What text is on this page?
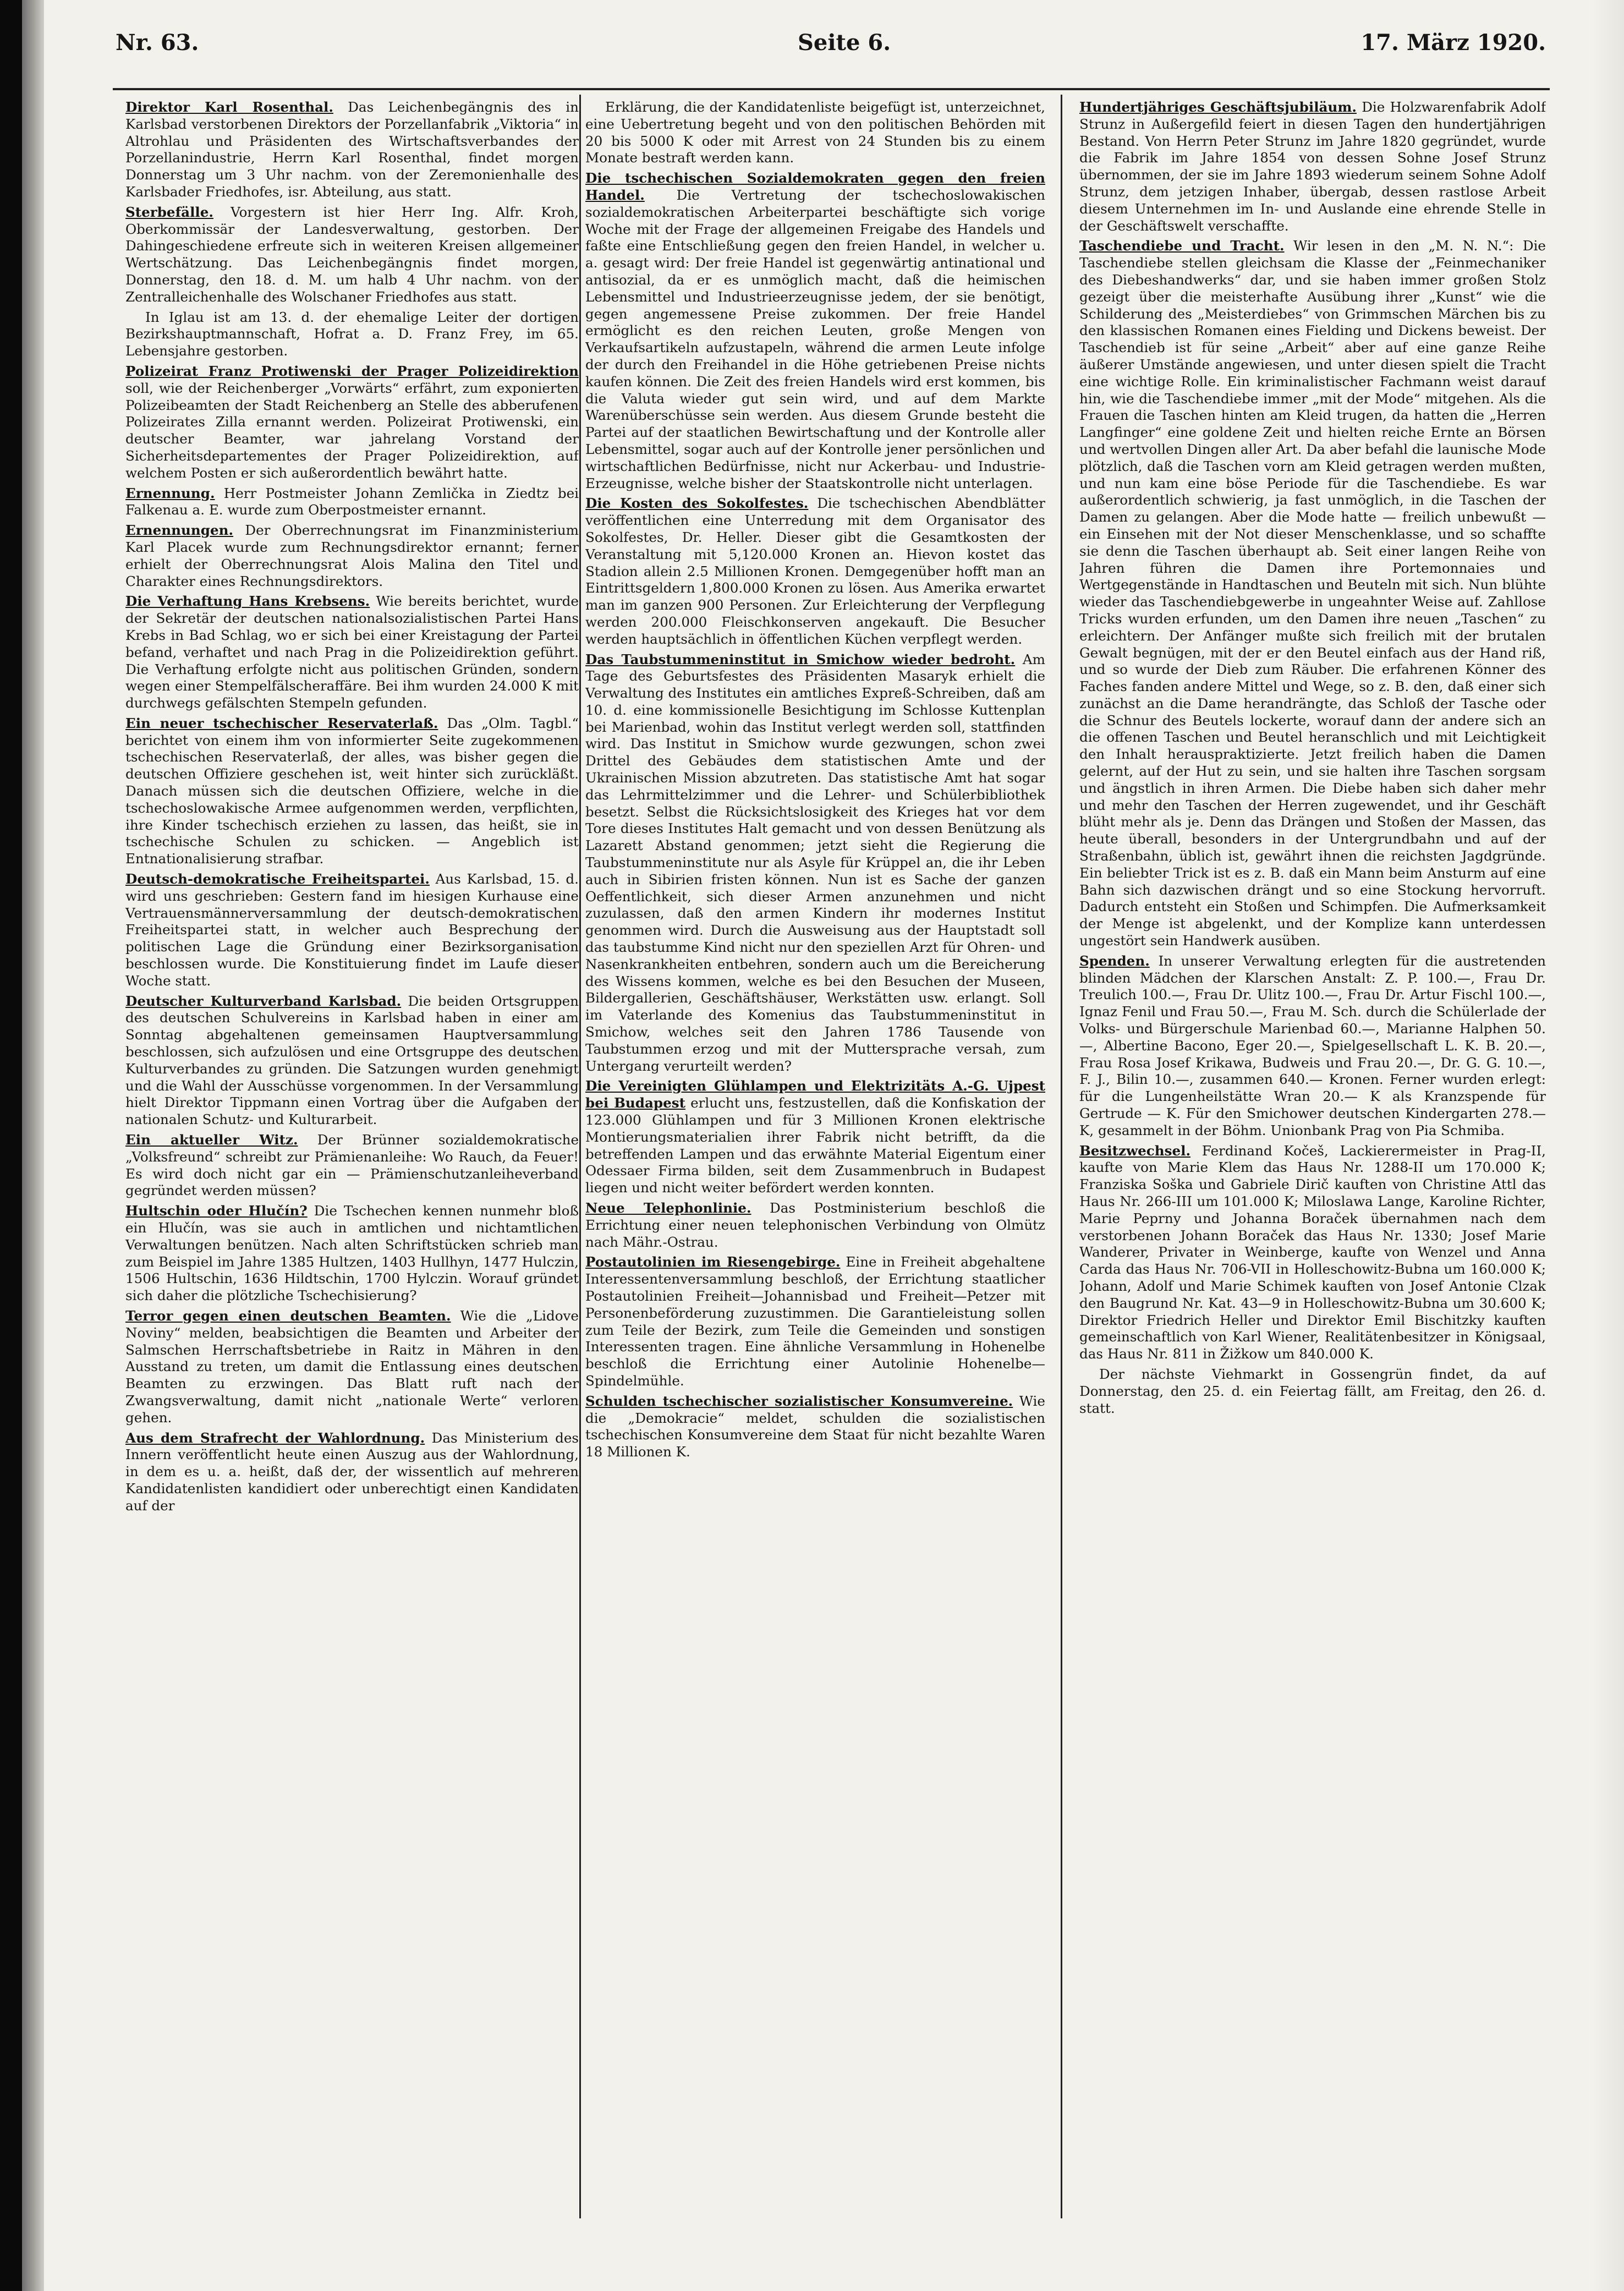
Nr. 63.	Seite 6.	17. März 1920.

Direktor Karl Rosenthal. Das Leichenbegängnis des in Karlsbad verstorbenen Direktors der Porzellanfabrik „Viktoria“ in Altrohlau und Präsidenten des Wirtschaftsverbandes der Porzellanindustrie, Herrn Karl Rosenthal, findet morgen Donnerstag um 3 Uhr nachm. von der Zeremonienhalle des Karlsbader Friedhofes, isr. Abteilung, aus statt.

Sterbefälle. Vorgestern ist hier Herr Ing. Alfr. Kroh, Oberkommissär der Landesverwaltung, gestorben. Der Dahingeschiedene erfreute sich in weiteren Kreisen allgemeiner Wertschätzung. Das Leichenbegängnis findet morgen, Donnerstag, den 18. d. M. um halb 4 Uhr nachm. von der Zentralleichenhalle des Wolschaner Friedhofes aus statt.

In Iglau ist am 13. d. der ehemalige Leiter der dortigen Bezirkshauptmannschaft, Hofrat a. D. Franz Frey, im 65. Lebensjahre gestorben.

Polizeirat Franz Protiwenski der Prager Polizeidirektion soll, wie der Reichenberger „Vorwärts“ erfährt, zum exponierten Polizeibeamten der Stadt Reichenberg an Stelle des abberufenen Polizeirates Zilla ernannt werden. Polizeirat Protiwenski, ein deutscher Beamter, war jahrelang Vorstand der Sicherheitsdepartementes der Prager Polizeidirektion, auf welchem Posten er sich außerordentlich bewährt hatte.

Ernennung. Herr Postmeister Johann Zemlička in Ziedtz bei Falkenau a. E. wurde zum Oberpostmeister ernannt.

Ernennungen. Der Oberrechnungsrat im Finanzministerium Karl Placek wurde zum Rechnungsdirektor ernannt; ferner erhielt der Oberrechnungsrat Alois Malina den Titel und Charakter eines Rechnungsdirektors.

Die Verhaftung Hans Krebsens. Wie bereits berichtet, wurde der Sekretär der deutschen nationalsozialistischen Partei Hans Krebs in Bad Schlag, wo er sich bei einer Kreistagung der Partei befand, verhaftet und nach Prag in die Polizeidirektion geführt. Die Verhaftung erfolgte nicht aus politischen Gründen, sondern wegen einer Stempelfälscheraffäre. Bei ihm wurden 24.000 K mit durchwegs gefälschten Stempeln gefunden.

Ein neuer tschechischer Reservaterlaß. Das „Olm. Tagbl.“ berichtet von einem ihm von informierter Seite zugekommenen tschechischen Reservaterlaß, der alles, was bisher gegen die deutschen Offiziere geschehen ist, weit hinter sich zurückläßt. Danach müssen sich die deutschen Offiziere, welche in die tschechoslowakische Armee aufgenommen werden, verpflichten, ihre Kinder tschechisch erziehen zu lassen, das heißt, sie in tschechische Schulen zu schicken. — Angeblich ist Entnationalisierung strafbar.

Deutsch-demokratische Freiheitspartei. Aus Karlsbad, 15. d. wird uns geschrieben: Gestern fand im hiesigen Kurhause eine Vertrauensmännerversammlung der deutsch-demokratischen Freiheitspartei statt, in welcher auch Besprechung der politischen Lage die Gründung einer Bezirksorganisation beschlossen wurde. Die Konstituierung findet im Laufe dieser Woche statt.

Deutscher Kulturverband Karlsbad. Die beiden Ortsgruppen des deutschen Schulvereins in Karlsbad haben in einer am Sonntag abgehaltenen gemeinsamen Hauptversammlung beschlossen, sich aufzulösen und eine Ortsgruppe des deutschen Kulturverbandes zu gründen. Die Satzungen wurden genehmigt und die Wahl der Ausschüsse vorgenommen. In der Versammlung hielt Direktor Tippmann einen Vortrag über die Aufgaben der nationalen Schutz- und Kulturarbeit.

Ein aktueller Witz. Der Brünner sozialdemokratische „Volksfreund“ schreibt zur Prämienanleihe: Wo Rauch, da Feuer! Es wird doch nicht gar ein — Prämienschutzanleiheverband gegründet werden müssen?

Hultschin oder Hlučín? Die Tschechen kennen nunmehr bloß ein Hlučín, was sie auch in amtlichen und nichtamtlichen Verwaltungen benützen. Nach alten Schriftstücken schrieb man zum Beispiel im Jahre 1385 Hultzen, 1403 Hullhyn, 1477 Hulczin, 1506 Hultschin, 1636 Hildtschin, 1700 Hylczin. Worauf gründet sich daher die plötzliche Tschechisierung?

Terror gegen einen deutschen Beamten. Wie die „Lidove Noviny“ melden, beabsichtigen die Beamten und Arbeiter der Salmschen Herrschaftsbetriebe in Raitz in Mähren in den Ausstand zu treten, um damit die Entlassung eines deutschen Beamten zu erzwingen. Das Blatt ruft nach der Zwangsverwaltung, damit nicht „nationale Werte“ verloren gehen.

Aus dem Strafrecht der Wahlordnung. Das Ministerium des Innern veröffentlicht heute einen Auszug aus der Wahlordnung, in dem es u. a. heißt, daß der, der wissentlich auf mehreren Kandidatenlisten kandidiert oder unberechtigt einen Kandidaten auf der

Erklärung, die der Kandidatenliste beigefügt ist, unterzeichnet, eine Uebertretung begeht und von den politischen Behörden mit 20 bis 5000 K oder mit Arrest von 24 Stunden bis zu einem Monate bestraft werden kann.

Die tschechischen Sozialdemokraten gegen den freien Handel. Die Vertretung der tschechoslowakischen sozialdemokratischen Arbeiterpartei beschäftigte sich vorige Woche mit der Frage der allgemeinen Freigabe des Handels und faßte eine Entschließung gegen den freien Handel, in welcher u. a. gesagt wird: Der freie Handel ist gegenwärtig antinational und antisozial, da er es unmöglich macht, daß die heimischen Lebensmittel und Industrieerzeugnisse jedem, der sie benötigt, gegen angemessene Preise zukommen. Der freie Handel ermöglicht es den reichen Leuten, große Mengen von Verkaufsartikeln aufzustapeln, während die armen Leute infolge der durch den Freihandel in die Höhe getriebenen Preise nichts kaufen können. Die Zeit des freien Handels wird erst kommen, bis die Valuta wieder gut sein wird, und auf dem Markte Warenüberschüsse sein werden. Aus diesem Grunde besteht die Partei auf der staatlichen Bewirtschaftung und der Kontrolle aller Lebensmittel, sogar auch auf der Kontrolle jener persönlichen und wirtschaftlichen Bedürfnisse, nicht nur Ackerbau- und Industrie-Erzeugnisse, welche bisher der Staatskontrolle nicht unterlagen.

Die Kosten des Sokolfestes. Die tschechischen Abendblätter veröffentlichen eine Unterredung mit dem Organisator des Sokolfestes, Dr. Heller. Dieser gibt die Gesamtkosten der Veranstaltung mit 5,120.000 Kronen an. Hievon kostet das Stadion allein 2.5 Millionen Kronen. Demgegenüber hofft man an Eintrittsgeldern 1,800.000 Kronen zu lösen. Aus Amerika erwartet man im ganzen 900 Personen. Zur Erleichterung der Verpflegung werden 200.000 Fleischkonserven angekauft. Die Besucher werden hauptsächlich in öffentlichen Küchen verpflegt werden.

Das Taubstummeninstitut in Smichow wieder bedroht. Am Tage des Geburtsfestes des Präsidenten Masaryk erhielt die Verwaltung des Institutes ein amtliches Expreß-Schreiben, daß am 10. d. eine kommissionelle Besichtigung im Schlosse Kuttenplan bei Marienbad, wohin das Institut verlegt werden soll, stattfinden wird. Das Institut in Smichow wurde gezwungen, schon zwei Drittel des Gebäudes dem statistischen Amte und der Ukrainischen Mission abzutreten. Das statistische Amt hat sogar das Lehrmittelzimmer und die Lehrer- und Schülerbibliothek besetzt. Selbst die Rücksichtslosigkeit des Krieges hat vor dem Tore dieses Institutes Halt gemacht und von dessen Benützung als Lazarett Abstand genommen; jetzt sieht die Regierung die Taubstummeninstitute nur als Asyle für Krüppel an, die ihr Leben auch in Sibirien fristen können. Nun ist es Sache der ganzen Oeffentlichkeit, sich dieser Armen anzunehmen und nicht zuzulassen, daß den armen Kindern ihr modernes Institut genommen wird. Durch die Ausweisung aus der Hauptstadt soll das taubstumme Kind nicht nur den speziellen Arzt für Ohren- und Nasenkrankheiten entbehren, sondern auch um die Bereicherung des Wissens kommen, welche es bei den Besuchen der Museen, Bildergallerien, Geschäftshäuser, Werkstätten usw. erlangt. Soll im Vaterlande des Komenius das Taubstummeninstitut in Smichow, welches seit den Jahren 1786 Tausende von Taubstummen erzog und mit der Muttersprache versah, zum Untergang verurteilt werden?

Die Vereinigten Glühlampen und Elektrizitäts A.-G. Ujpest bei Budapest erlucht uns, festzustellen, daß die Konfiskation der 123.000 Glühlampen und für 3 Millionen Kronen elektrische Montierungsmaterialien ihrer Fabrik nicht betrifft, da die betreffenden Lampen und das erwähnte Material Eigentum einer Odessaer Firma bilden, seit dem Zusammenbruch in Budapest liegen und nicht weiter befördert werden konnten.

Neue Telephonlinie. Das Postministerium beschloß die Errichtung einer neuen telephonischen Verbindung von Olmütz nach Mähr.-Ostrau.

Postautolinien im Riesengebirge. Eine in Freiheit abgehaltene Interessentenversammlung beschloß, der Errichtung staatlicher Postautolinien Freiheit—Johannisbad und Freiheit—Petzer mit Personenbeförderung zuzustimmen. Die Garantieleistung sollen zum Teile der Bezirk, zum Teile die Gemeinden und sonstigen Interessenten tragen. Eine ähnliche Versammlung in Hohenelbe beschloß die Errichtung einer Autolinie Hohenelbe—Spindelmühle.

Schulden tschechischer sozialistischer Konsumvereine. Wie die „Demokracie“ meldet, schulden die sozialistischen tschechischen Konsumvereine dem Staat für nicht bezahlte Waren 18 Millionen K.

Hundertjähriges Geschäftsjubiläum. Die Holzwarenfabrik Adolf Strunz in Außergefild feiert in diesen Tagen den hundertjährigen Bestand. Von Herrn Peter Strunz im Jahre 1820 gegründet, wurde die Fabrik im Jahre 1854 von dessen Sohne Josef Strunz übernommen, der sie im Jahre 1893 wiederum seinem Sohne Adolf Strunz, dem jetzigen Inhaber, übergab, dessen rastlose Arbeit diesem Unternehmen im In- und Auslande eine ehrende Stelle in der Geschäftswelt verschaffte.

Taschendiebe und Tracht. Wir lesen in den „M. N. N.“: Die Taschendiebe stellen gleichsam die Klasse der „Feinmechaniker des Diebeshandwerks“ dar, und sie haben immer großen Stolz gezeigt über die meisterhafte Ausübung ihrer „Kunst“ wie die Schilderung des „Meisterdiebes“ von Grimmschen Märchen bis zu den klassischen Romanen eines Fielding und Dickens beweist. Der Taschendieb ist für seine „Arbeit“ aber auf eine ganze Reihe äußerer Umstände angewiesen, und unter diesen spielt die Tracht eine wichtige Rolle. Ein kriminalistischer Fachmann weist darauf hin, wie die Taschendiebe immer „mit der Mode“ mitgehen. Als die Frauen die Taschen hinten am Kleid trugen, da hatten die „Herren Langfinger“ eine goldene Zeit und hielten reiche Ernte an Börsen und wertvollen Dingen aller Art. Da aber befahl die launische Mode plötzlich, daß die Taschen vorn am Kleid getragen werden mußten, und nun kam eine böse Periode für die Taschendiebe. Es war außerordentlich schwierig, ja fast unmöglich, in die Taschen der Damen zu gelangen. Aber die Mode hatte — freilich unbewußt — ein Einsehen mit der Not dieser Menschenklasse, und so schaffte sie denn die Taschen überhaupt ab. Seit einer langen Reihe von Jahren führen die Damen ihre Portemonnaies und Wertgegenstände in Handtaschen und Beuteln mit sich. Nun blühte wieder das Taschendiebgewerbe in ungeahnter Weise auf. Zahllose Tricks wurden erfunden, um den Damen ihre neuen „Taschen“ zu erleichtern. Der Anfänger mußte sich freilich mit der brutalen Gewalt begnügen, mit der er den Beutel einfach aus der Hand riß, und so wurde der Dieb zum Räuber. Die erfahrenen Könner des Faches fanden andere Mittel und Wege, so z. B. den, daß einer sich zunächst an die Dame herandrängte, das Schloß der Tasche oder die Schnur des Beutels lockerte, worauf dann der andere sich an die offenen Taschen und Beutel heranschlich und mit Leichtigkeit den Inhalt herauspraktizierte. Jetzt freilich haben die Damen gelernt, auf der Hut zu sein, und sie halten ihre Taschen sorgsam und ängstlich in ihren Armen. Die Diebe haben sich daher mehr und mehr den Taschen der Herren zugewendet, und ihr Geschäft blüht mehr als je. Denn das Drängen und Stoßen der Massen, das heute überall, besonders in der Untergrundbahn und auf der Straßenbahn, üblich ist, gewährt ihnen die reichsten Jagdgründe. Ein beliebter Trick ist es z. B. daß ein Mann beim Ansturm auf eine Bahn sich dazwischen drängt und so eine Stockung hervorruft. Dadurch entsteht ein Stoßen und Schimpfen. Die Aufmerksamkeit der Menge ist abgelenkt, und der Komplize kann unterdessen ungestört sein Handwerk ausüben.

Spenden. In unserer Verwaltung erlegten für die austretenden blinden Mädchen der Klarschen Anstalt: Z. P. 100.—, Frau Dr. Treulich 100.—, Frau Dr. Ulitz 100.—, Frau Dr. Artur Fischl 100.—, Ignaz Fenil und Frau 50.—, Frau M. Sch. durch die Schülerlade der Volks- und Bürgerschule Marienbad 60.—, Marianne Halphen 50.—, Albertine Bacono, Eger 20.—, Spielgesellschaft L. K. B. 20.—, Frau Rosa Josef Krikawa, Budweis und Frau 20.—, Dr. G. G. 10.—, F. J., Bilin 10.—, zusammen 640.— Kronen. Ferner wurden erlegt: für die Lungenheilstätte Wran 20.— K als Kranzspende für Gertrude — K. Für den Smichower deutschen Kindergarten 278.— K, gesammelt in der Böhm. Unionbank Prag von Pia Schmiba.

Besitzwechsel. Ferdinand Kočeš, Lackierermeister in Prag-II, kaufte von Marie Klem das Haus Nr. 1288-II um 170.000 K; Franziska Soška und Gabriele Dirič kauften von Christine Attl das Haus Nr. 266-III um 101.000 K; Miloslawa Lange, Karoline Richter, Marie Peprny und Johanna Boraček übernahmen nach dem verstorbenen Johann Boraček das Haus Nr. 1330; Josef Marie Wanderer, Privater in Weinberge, kaufte von Wenzel und Anna Carda das Haus Nr. 706-VII in Holleschowitz-Bubna um 160.000 K; Johann, Adolf und Marie Schimek kauften von Josef Antonie Clzak den Baugrund Nr. Kat. 43—9 in Holleschowitz-Bubna um 30.600 K; Direktor Friedrich Heller und Direktor Emil Bischitzky kauften gemeinschaftlich von Karl Wiener, Realitätenbesitzer in Königsaal, das Haus Nr. 811 in Žižkow um 840.000 K.

Der nächste Viehmarkt in Gossengrün findet, da auf Donnerstag, den 25. d. ein Feiertag fällt, am Freitag, den 26. d. statt.
